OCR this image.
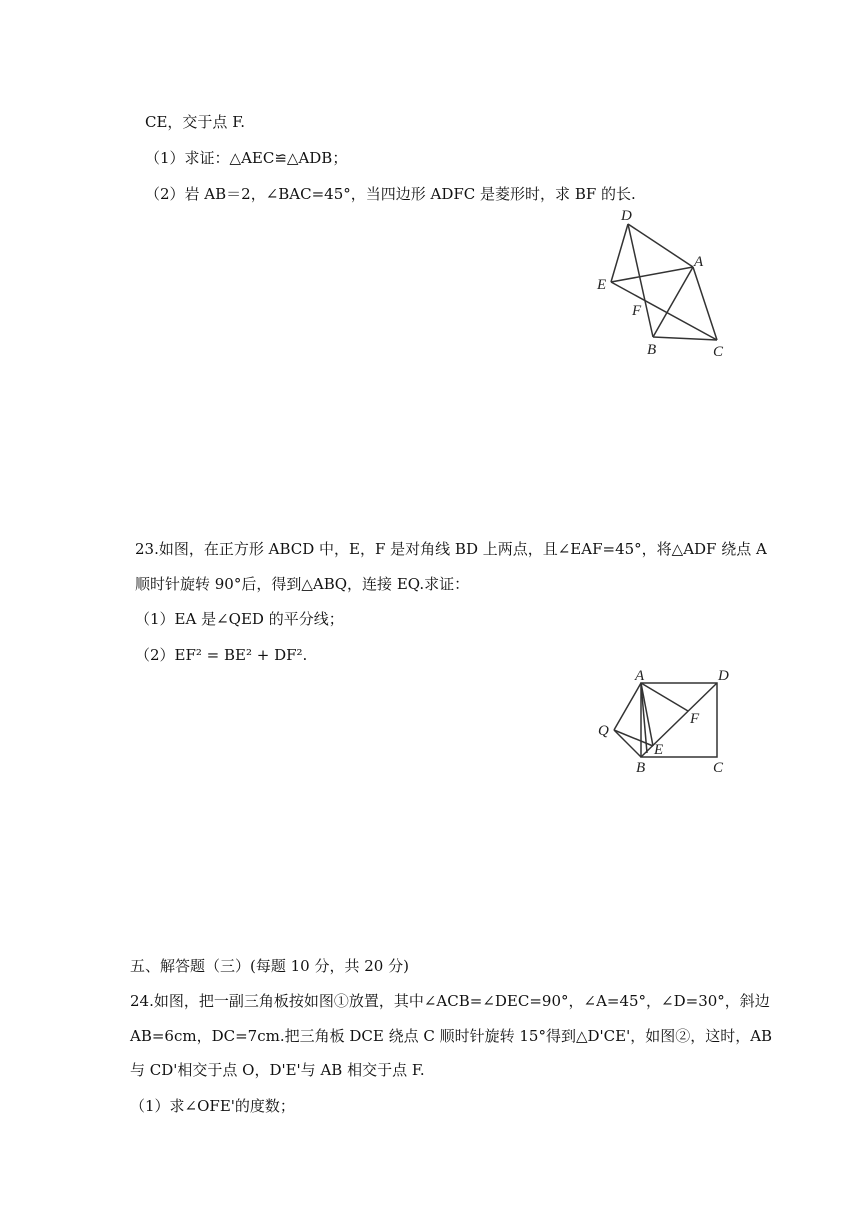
CE，交于点 F.
（1）求证：△AEC≌△ADB；
（2）岩 AB＝2，∠BAC=45°，当四边形 ADFC 是菱形时，求 BF 的长.
D
A
E
F
B	C
23.如图，在正方形 ABCD 中，E，F 是对角线 BD 上两点，且∠EAF=45°，将△ADF 绕点 A
顺时针旋转 90°后，得到△ABQ，连接 EQ.求证：
（1）EA 是∠QED 的平分线；
（2）EF² = BE² + DF².
A	D
Q
F
E
B	C
五、解答题（三）(每题 10 分，共 20 分)
24.如图，把一副三角板按如图①放置，其中∠ACB=∠DEC=90°，∠A=45°，∠D=30°，斜边
AB=6cm，DC=7cm.把三角板 DCE 绕点 C 顺时针旋转 15°得到△D'CE'，如图②，这时，AB
与 CD'相交于点 O，D'E'与 AB 相交于点 F.
（1）求∠OFE'的度数；
